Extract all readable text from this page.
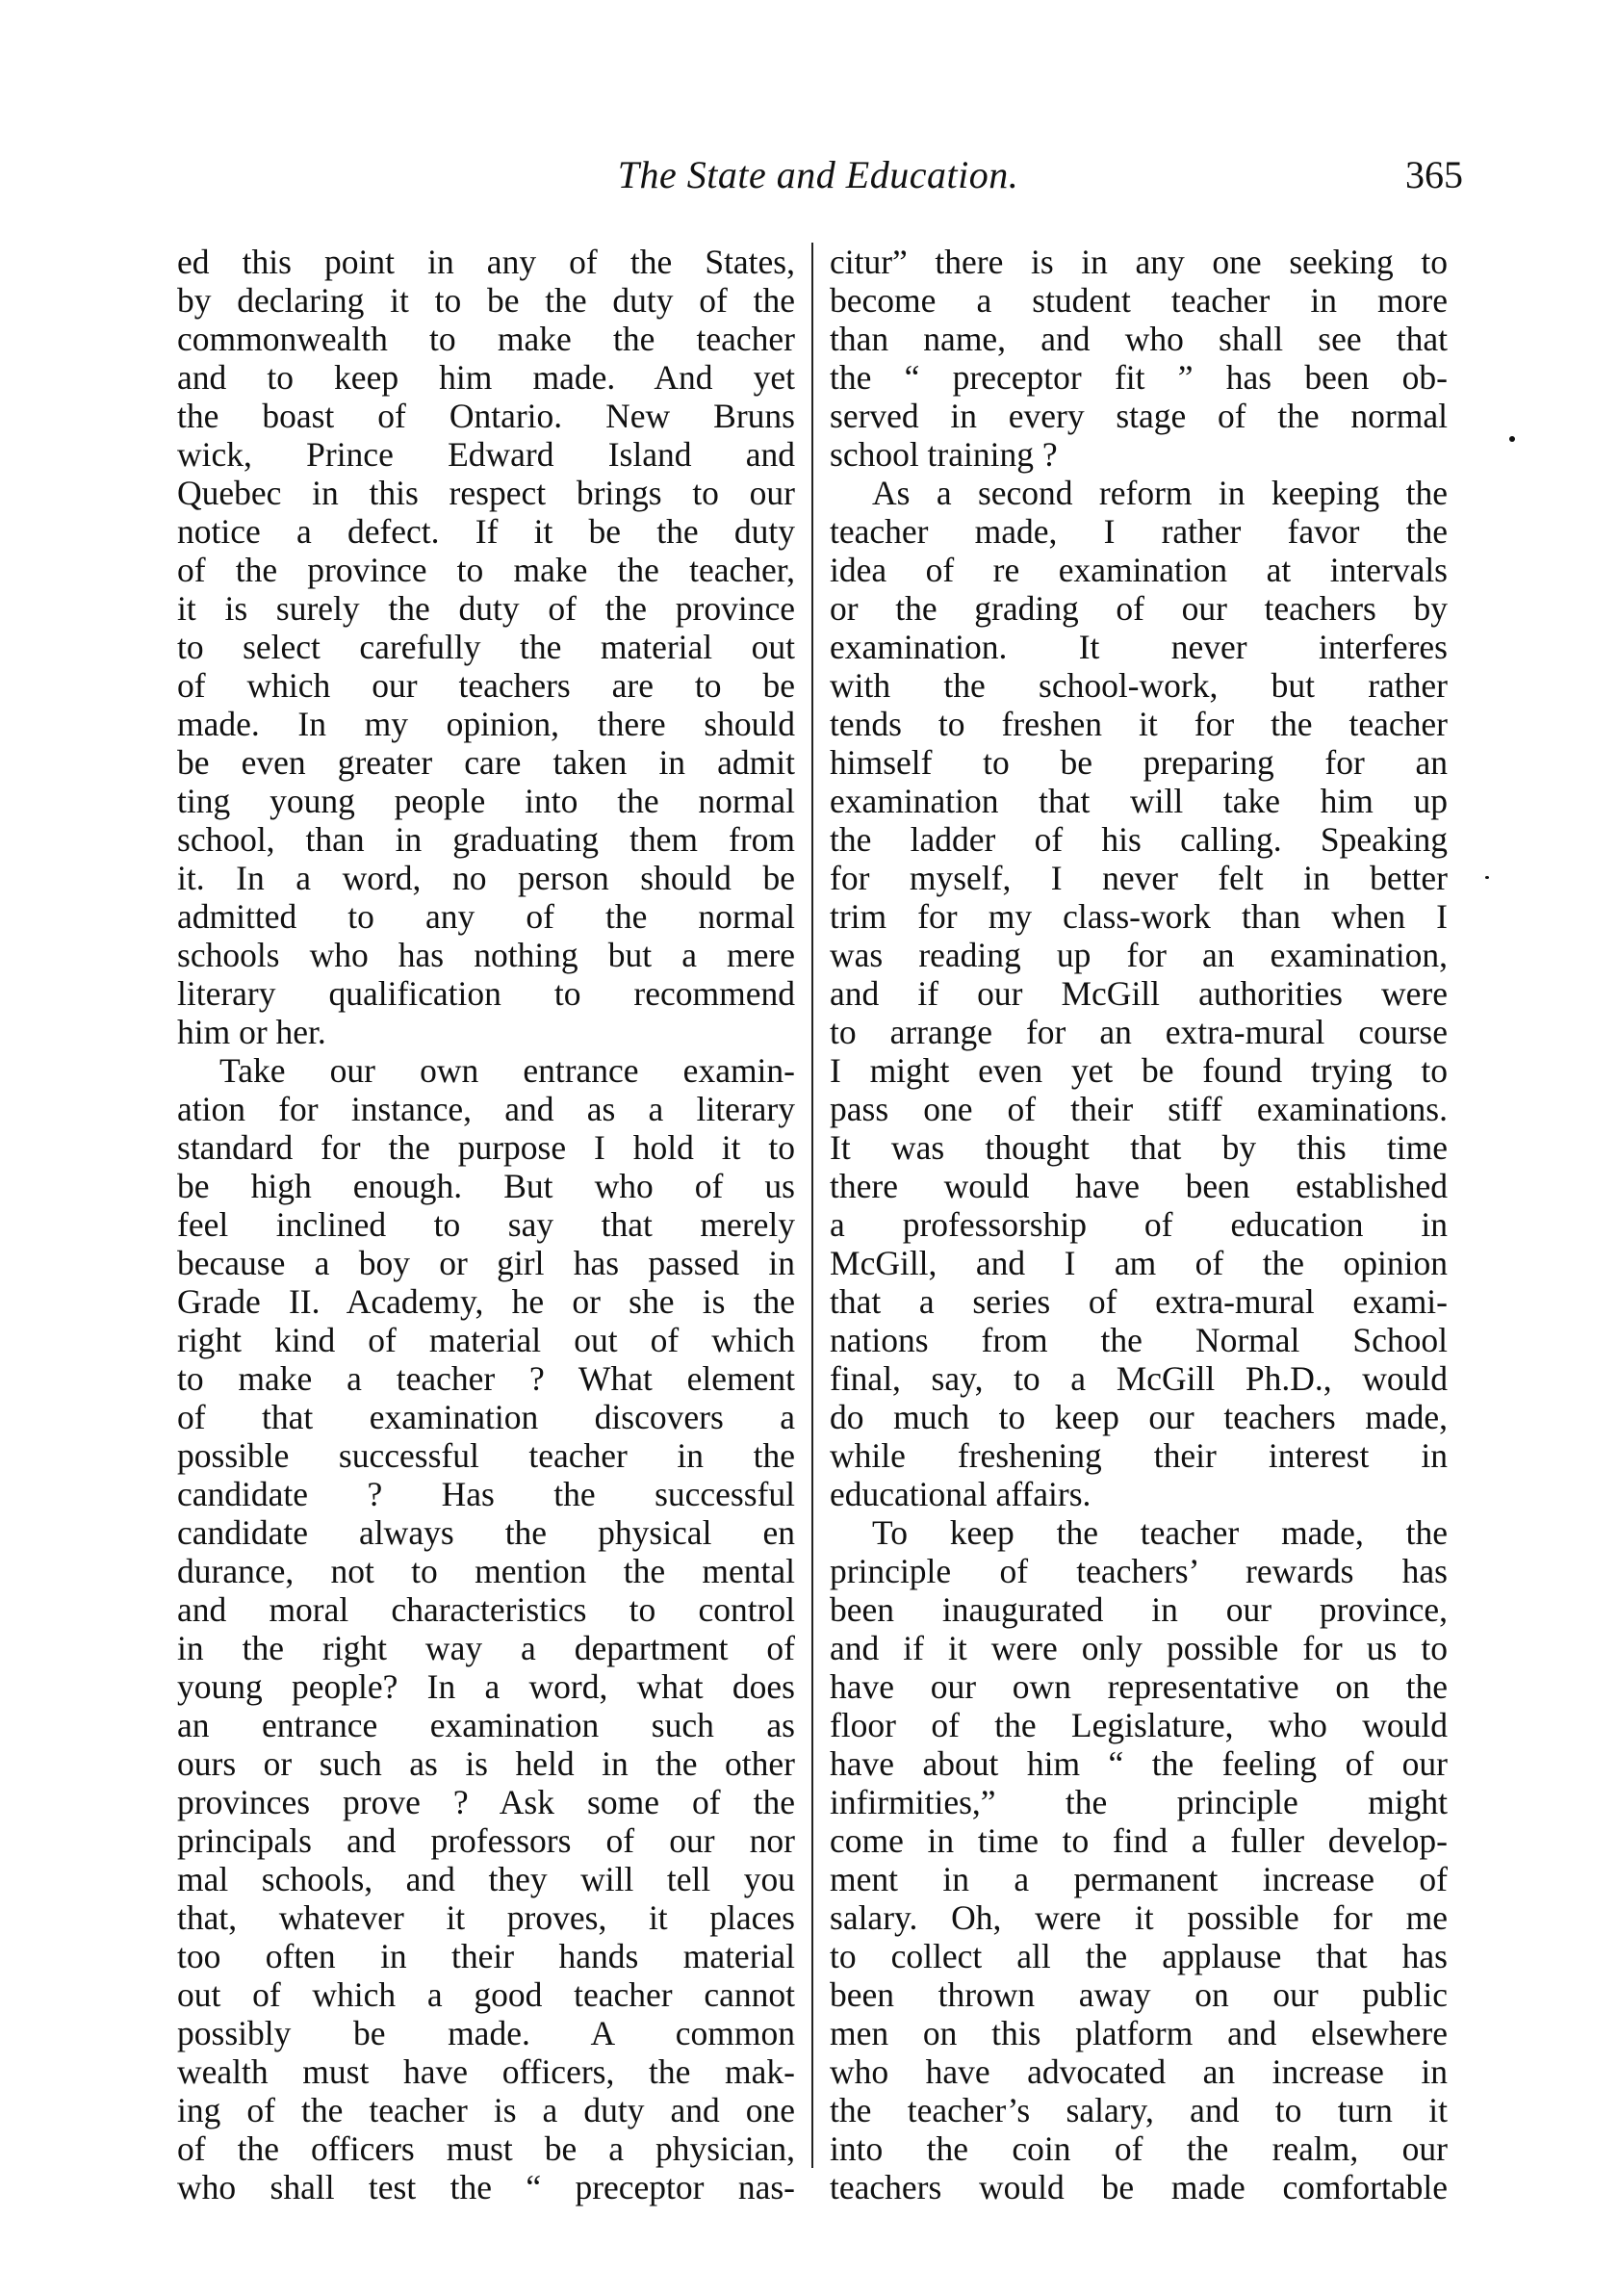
The State and Education.	365
ed this point in any of the States,
by declaring it to be the duty of the
commonwealth to make the teacher
and to keep him made. And yet
the boast of Ontario. New Bruns
wick, Prince Edward Island and
Quebec in this respect brings to our
notice a defect. If it be the duty
of the province to make the teacher,
it is surely the duty of the province
to select carefully the material out
of which our teachers are to be
made. In my opinion, there should
be even greater care taken in admit
ting young people into the normal
school, than in graduating them from
it. In a word, no person should be
admitted to any of the normal
schools who has nothing but a mere
literary qualification to recommend
him or her.
Take our own entrance examin-
ation for instance, and as a literary
standard for the purpose I hold it to
be high enough. But who of us
feel inclined to say that merely
because a boy or girl has passed in
Grade II. Academy, he or she is the
right kind of material out of which
to make a teacher ? What element
of that examination discovers a
possible successful teacher in the
candidate ? Has the successful
candidate always the physical en
durance, not to mention the mental
and moral characteristics to control
in the right way a department of
young people? In a word, what does
an entrance examination such as
ours or such as is held in the other
provinces prove ? Ask some of the
principals and professors of our nor
mal schools, and they will tell you
that, whatever it proves, it places
too often in their hands material
out of which a good teacher cannot
possibly be made. A common
wealth must have officers, the mak-
ing of the teacher is a duty and one
of the officers must be a physician,
who shall test the “ preceptor nas-
citur” there is in any one seeking to
become a student teacher in more
than name, and who shall see that
the “ preceptor fit ” has been ob-
served in every stage of the normal
school training ?
As a second reform in keeping the
teacher made, I rather favor the
idea of re examination at intervals
or the grading of our teachers by
examination. It never interferes
with the school-work, but rather
tends to freshen it for the teacher
himself to be preparing for an
examination that will take him up
the ladder of his calling. Speaking
for myself, I never felt in better
trim for my class-work than when I
was reading up for an examination,
and if our McGill authorities were
to arrange for an extra-mural course
I might even yet be found trying to
pass one of their stiff examinations.
It was thought that by this time
there would have been established
a professorship of education in
McGill, and I am of the opinion
that a series of extra-mural exami-
nations from the Normal School
final, say, to a McGill Ph.D., would
do much to keep our teachers made,
while freshening their interest in
educational affairs.
To keep the teacher made, the
principle of teachers’ rewards has
been inaugurated in our province,
and if it were only possible for us to
have our own representative on the
floor of the Legislature, who would
have about him “ the feeling of our
infirmities,” the principle might
come in time to find a fuller develop-
ment in a permanent increase of
salary. Oh, were it possible for me
to collect all the applause that has
been thrown away on our public
men on this platform and elsewhere
who have advocated an increase in
the teacher’s salary, and to turn it
into the coin of the realm, our
teachers would be made comfortable
